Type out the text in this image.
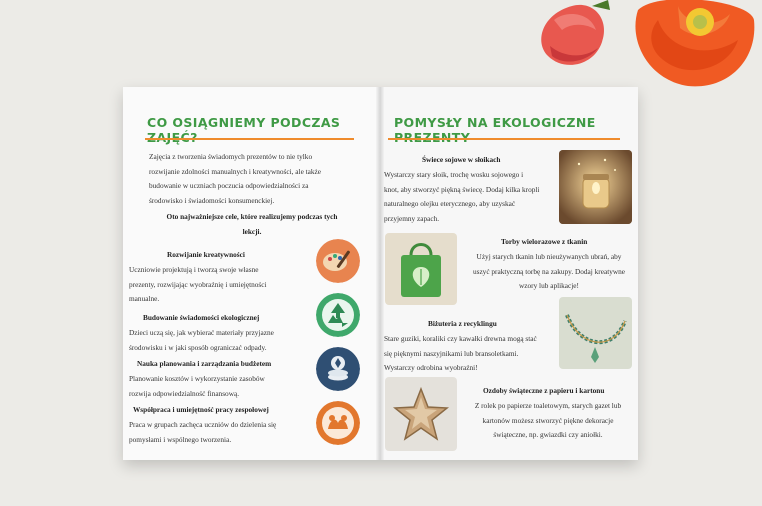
CO OSIĄGNIEMY PODCZAS
Zajęcia z tworzenia świadomych prezentów to nie tylko
rozwijanie zdolności manualnych i kreatywności, ale także
budowanie w uczniach poczucia odpowiedzialności za
środowisko i świadomości konsumenckiej.
Oto najważniejsze cele, które realizujemy podczas tych
lekcji.
Rozwijanie kreatywności
Uczniowie projektują i tworzą swoje własne
prezenty, rozwijając wyobraźnię i umiejętności
manualne.
Budowanie świadomości ekologicznej
Dzieci uczą się, jak wybierać materiały przyjazne
środowisku i w jaki sposób ograniczać odpady.
Nauka planowania i zarządzania budżetem
Planowanie kosztów i wykorzystanie zasobów
rozwija odpowiedzialność finansową.
Współpraca i umiejętność pracy zespołowej
Praca w grupach zachęca uczniów do dzielenia się
pomysłami i wspólnego tworzenia.
POMYSŁY NA EKOLOGICZNE
Świece sojowe w słoikach
Wystarczy stary słoik, trochę wosku sojowego i
knot, aby stworzyć piękną świecę. Dodaj kilka kropli
naturalnego olejku eterycznego, aby uzyskać
przyjemny zapach.
Torby wielorazowe z tkanin
Użyj starych tkanin lub nieużywanych ubrań, aby
uszyć praktyczną torbę na zakupy. Dodaj kreatywne
wzory lub aplikacje!
Biżuteria z recyklingu
Stare guziki, koraliki czy kawałki drewna mogą stać
się pięknymi naszyjnikami lub bransoletkami.
Wystarczy odrobina wyobraźni!
Ozdoby świąteczne z papieru i kartonu
Z rolek po papierze toaletowym, starych gazet lub
kartonów możesz stworzyć piękne dekoracje
świąteczne, np. gwiazdki czy aniołki.
